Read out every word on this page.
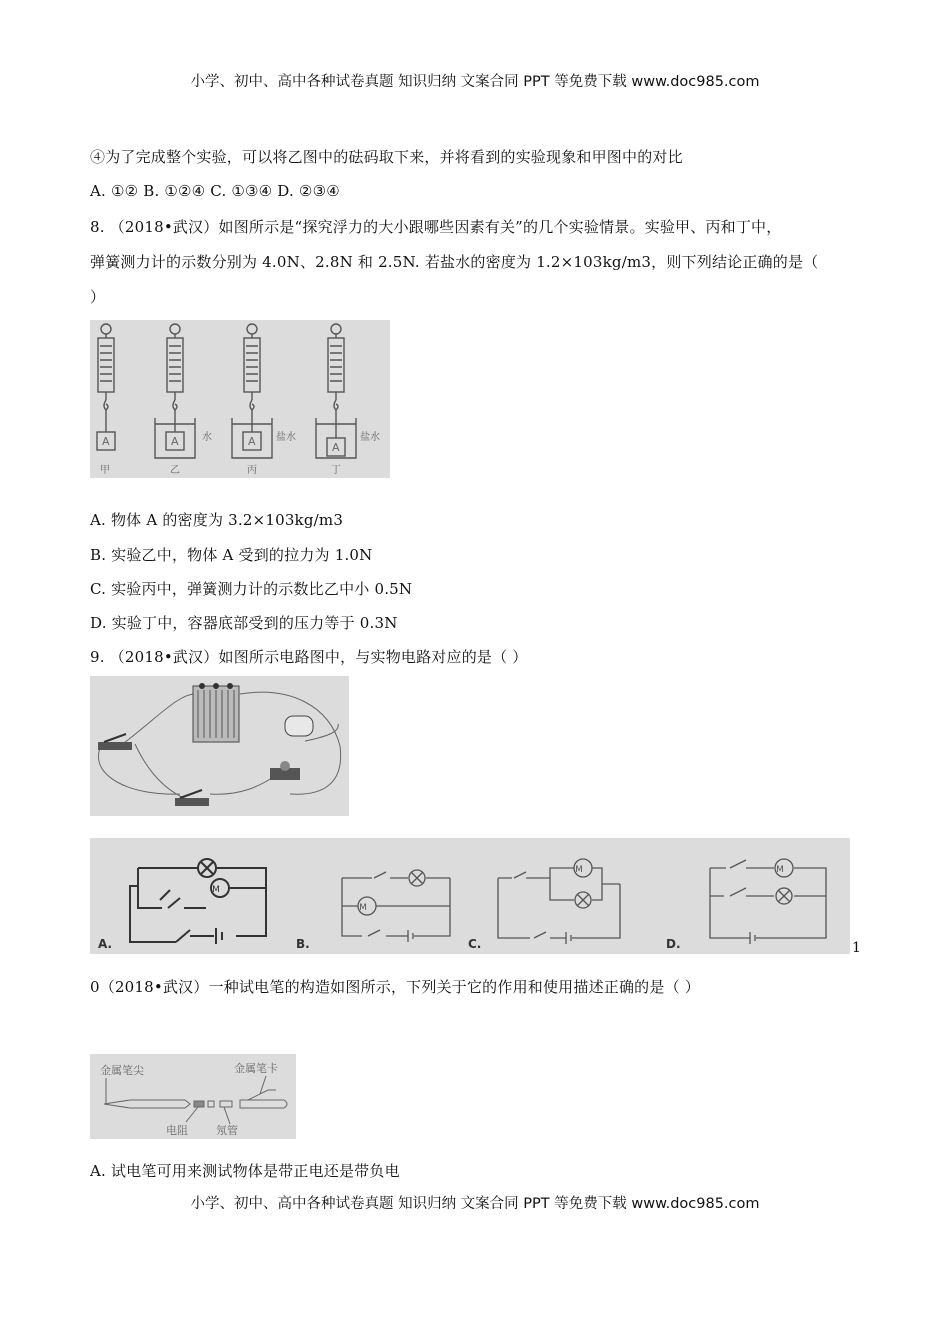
小学、初中、高中各种试卷真题 知识归纳 文案合同 PPT 等免费下载 www.doc985.com
④为了完成整个实验，可以将乙图中的砝码取下来，并将看到的实验现象和甲图中的对比
A. ①② B. ①②④ C. ①③④ D. ②③④
8. （2018•武汉）如图所示是“探究浮力的大小跟哪些因素有关”的几个实验情景。实验甲、丙和丁中，
弹簧测力计的示数分别为 4.0N、2.8N 和 2.5N. 若盐水的密度为 1.2×103kg/m3，则下列结论正确的是（
）
A	A	A	A
水	盐水	盐水
甲	乙	丙	丁
A. 物体 A 的密度为 3.2×103kg/m3
B. 实验乙中，物体 A 受到的拉力为 1.0N
C. 实验丙中，弹簧测力计的示数比乙中小 0.5N
D. 实验丁中，容器底部受到的压力等于 0.3N
9. （2018•武汉）如图所示电路图中，与实物电路对应的是（ ）
M
M
M	M
A.	B.	C.	D.	1
0（2018•武汉）一种试电笔的构造如图所示，下列关于它的作用和使用描述正确的是（ ）
金属笔尖	金属笔卡
电阻	氖管
A. 试电笔可用来测试物体是带正电还是带负电
小学、初中、高中各种试卷真题 知识归纳 文案合同 PPT 等免费下载 www.doc985.com
